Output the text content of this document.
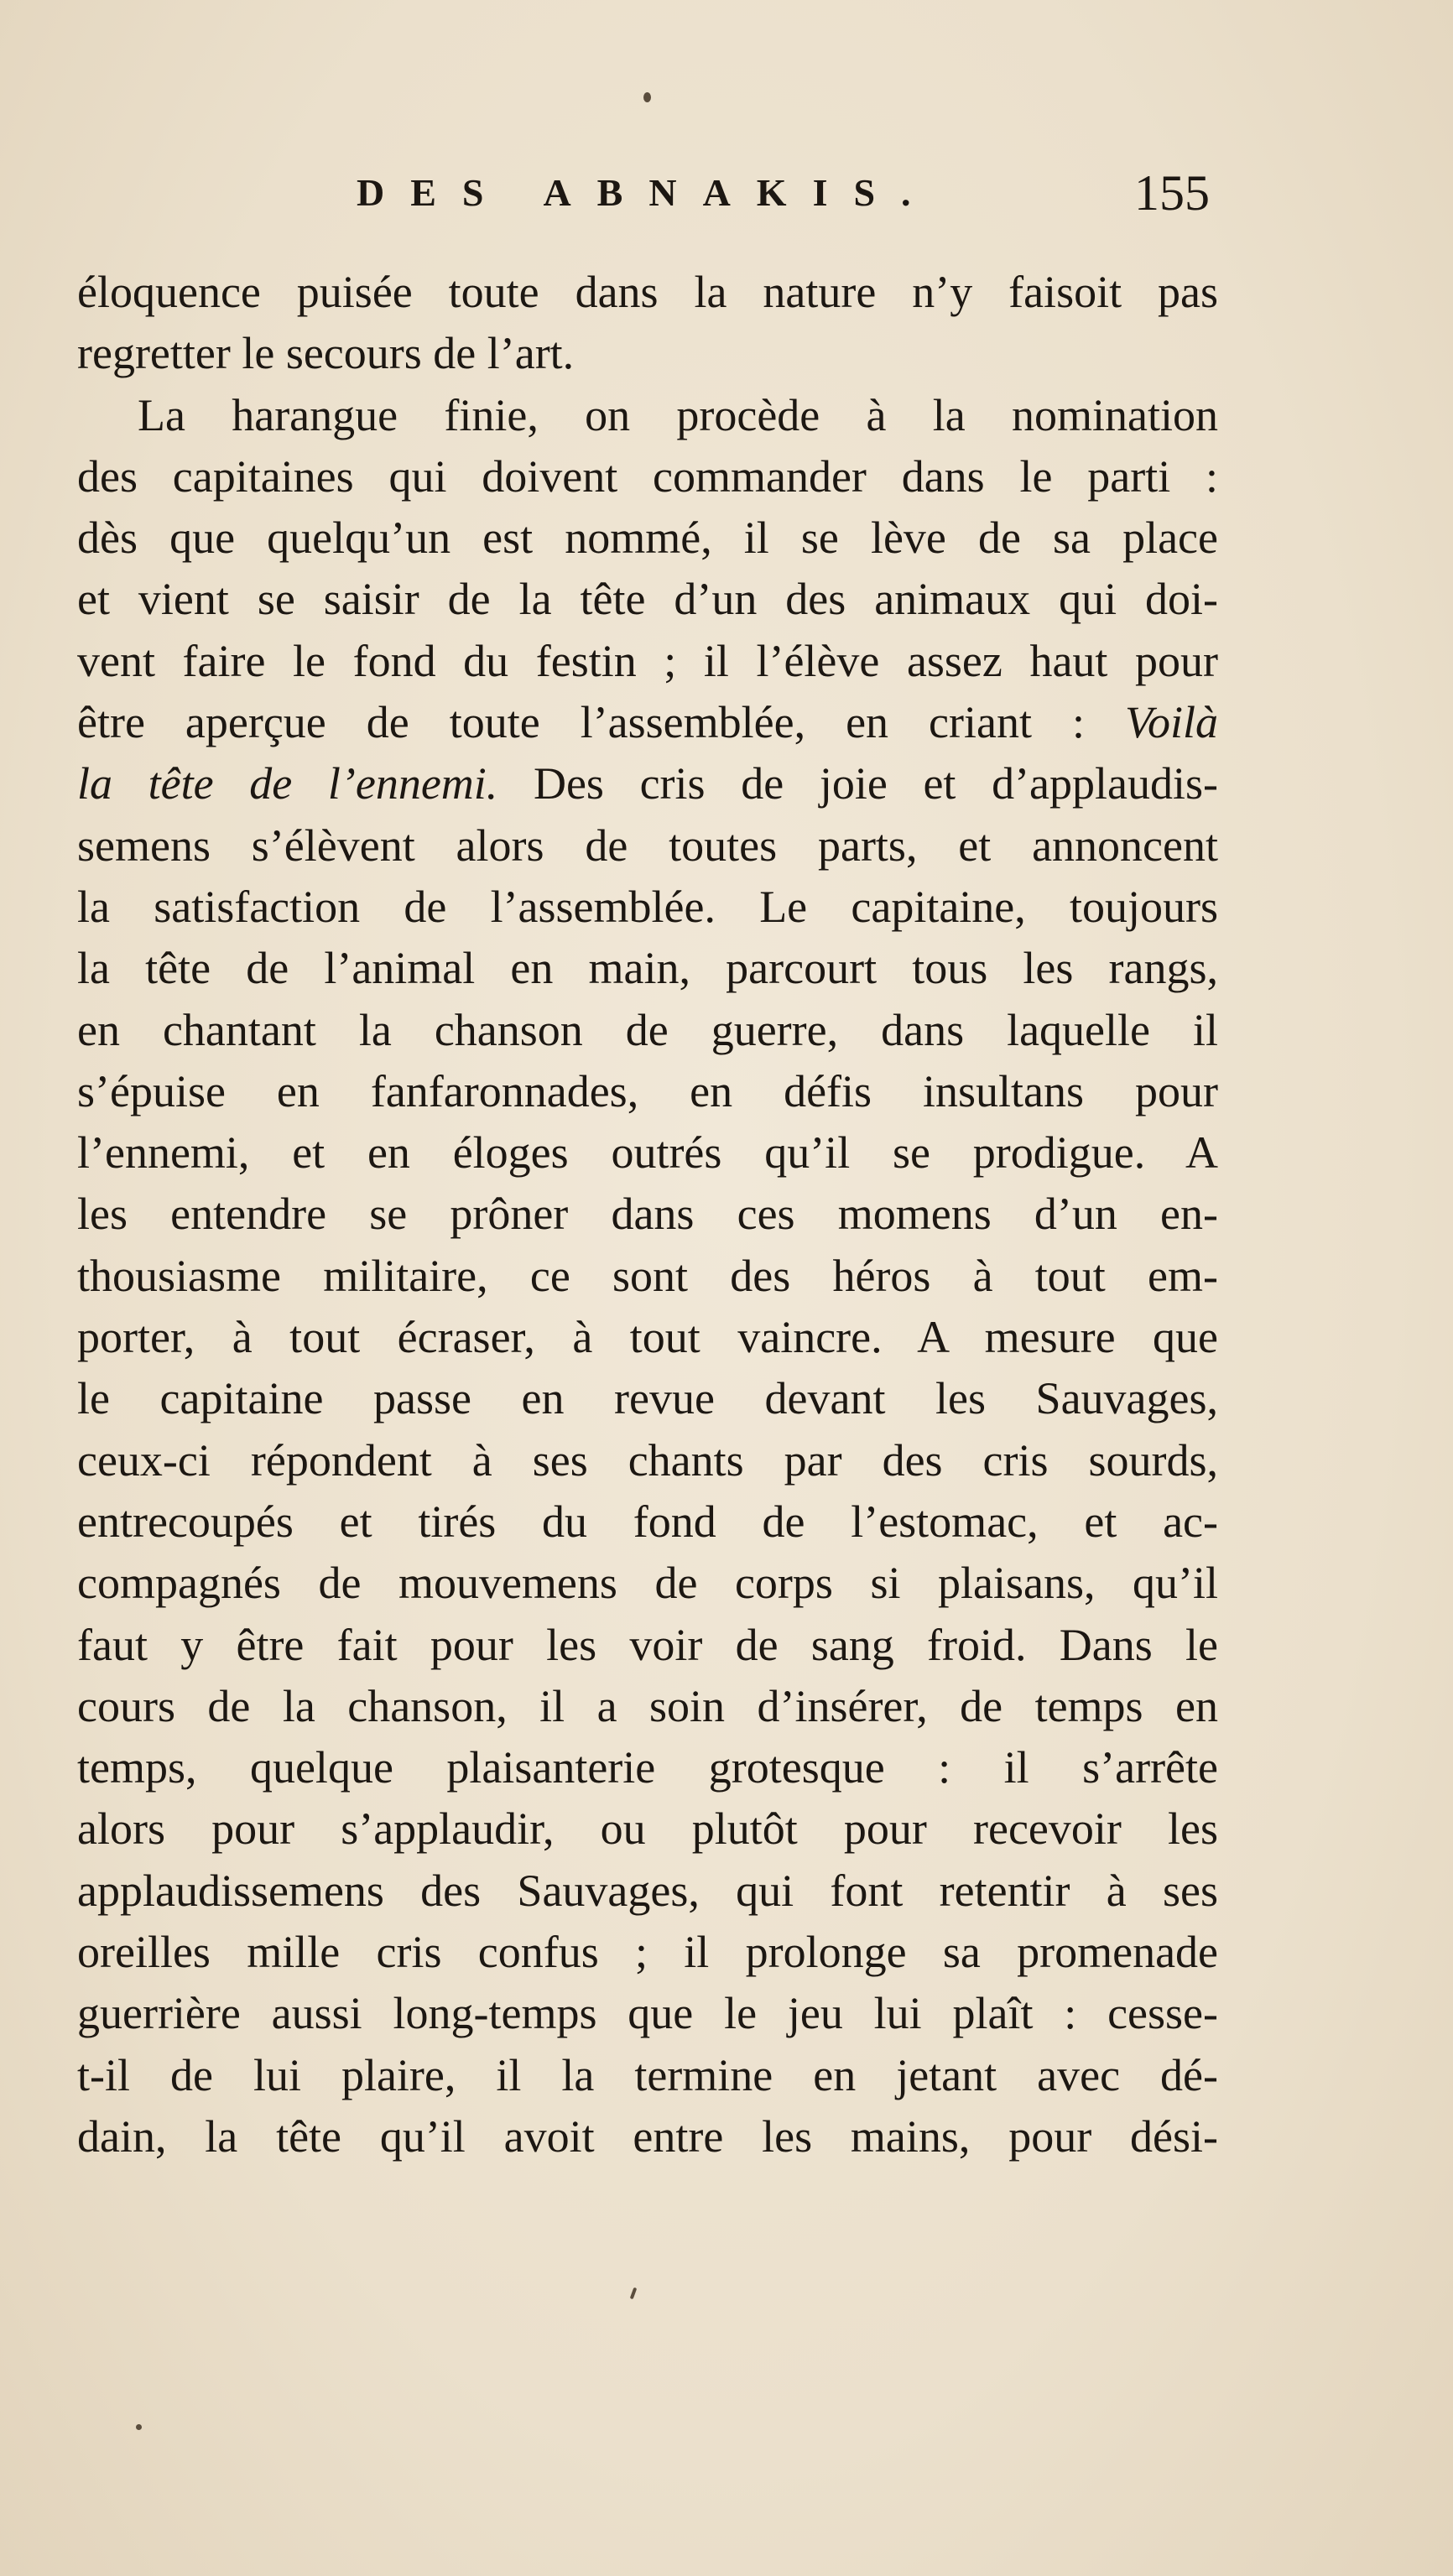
DES ABNAKIS.	155
éloquence puisée toute dans la nature n’y faisoit pas
regretter le secours de l’art.
La harangue finie, on procède à la nomination
des capitaines qui doivent commander dans le parti :
dès que quelqu’un est nommé, il se lève de sa place
et vient se saisir de la tête d’un des animaux qui doi-
vent faire le fond du festin ; il l’élève assez haut pour
être aperçue de toute l’assemblée, en criant : Voilà
la tête de l’ennemi. Des cris de joie et d’applaudis-
semens s’élèvent alors de toutes parts, et annoncent
la satisfaction de l’assemblée. Le capitaine, toujours
la tête de l’animal en main, parcourt tous les rangs,
en chantant la chanson de guerre, dans laquelle il
s’épuise en fanfaronnades, en défis insultans pour
l’ennemi, et en éloges outrés qu’il se prodigue. A
les entendre se prôner dans ces momens d’un en-
thousiasme militaire, ce sont des héros à tout em-
porter, à tout écraser, à tout vaincre. A mesure que
le capitaine passe en revue devant les Sauvages,
ceux-ci répondent à ses chants par des cris sourds,
entrecoupés et tirés du fond de l’estomac, et ac-
compagnés de mouvemens de corps si plaisans, qu’il
faut y être fait pour les voir de sang froid. Dans le
cours de la chanson, il a soin d’insérer, de temps en
temps, quelque plaisanterie grotesque : il s’arrête
alors pour s’applaudir, ou plutôt pour recevoir les
applaudissemens des Sauvages, qui font retentir à ses
oreilles mille cris confus ; il prolonge sa promenade
guerrière aussi long-temps que le jeu lui plaît : cesse-
t-il de lui plaire, il la termine en jetant avec dé-
dain, la tête qu’il avoit entre les mains, pour dési-
